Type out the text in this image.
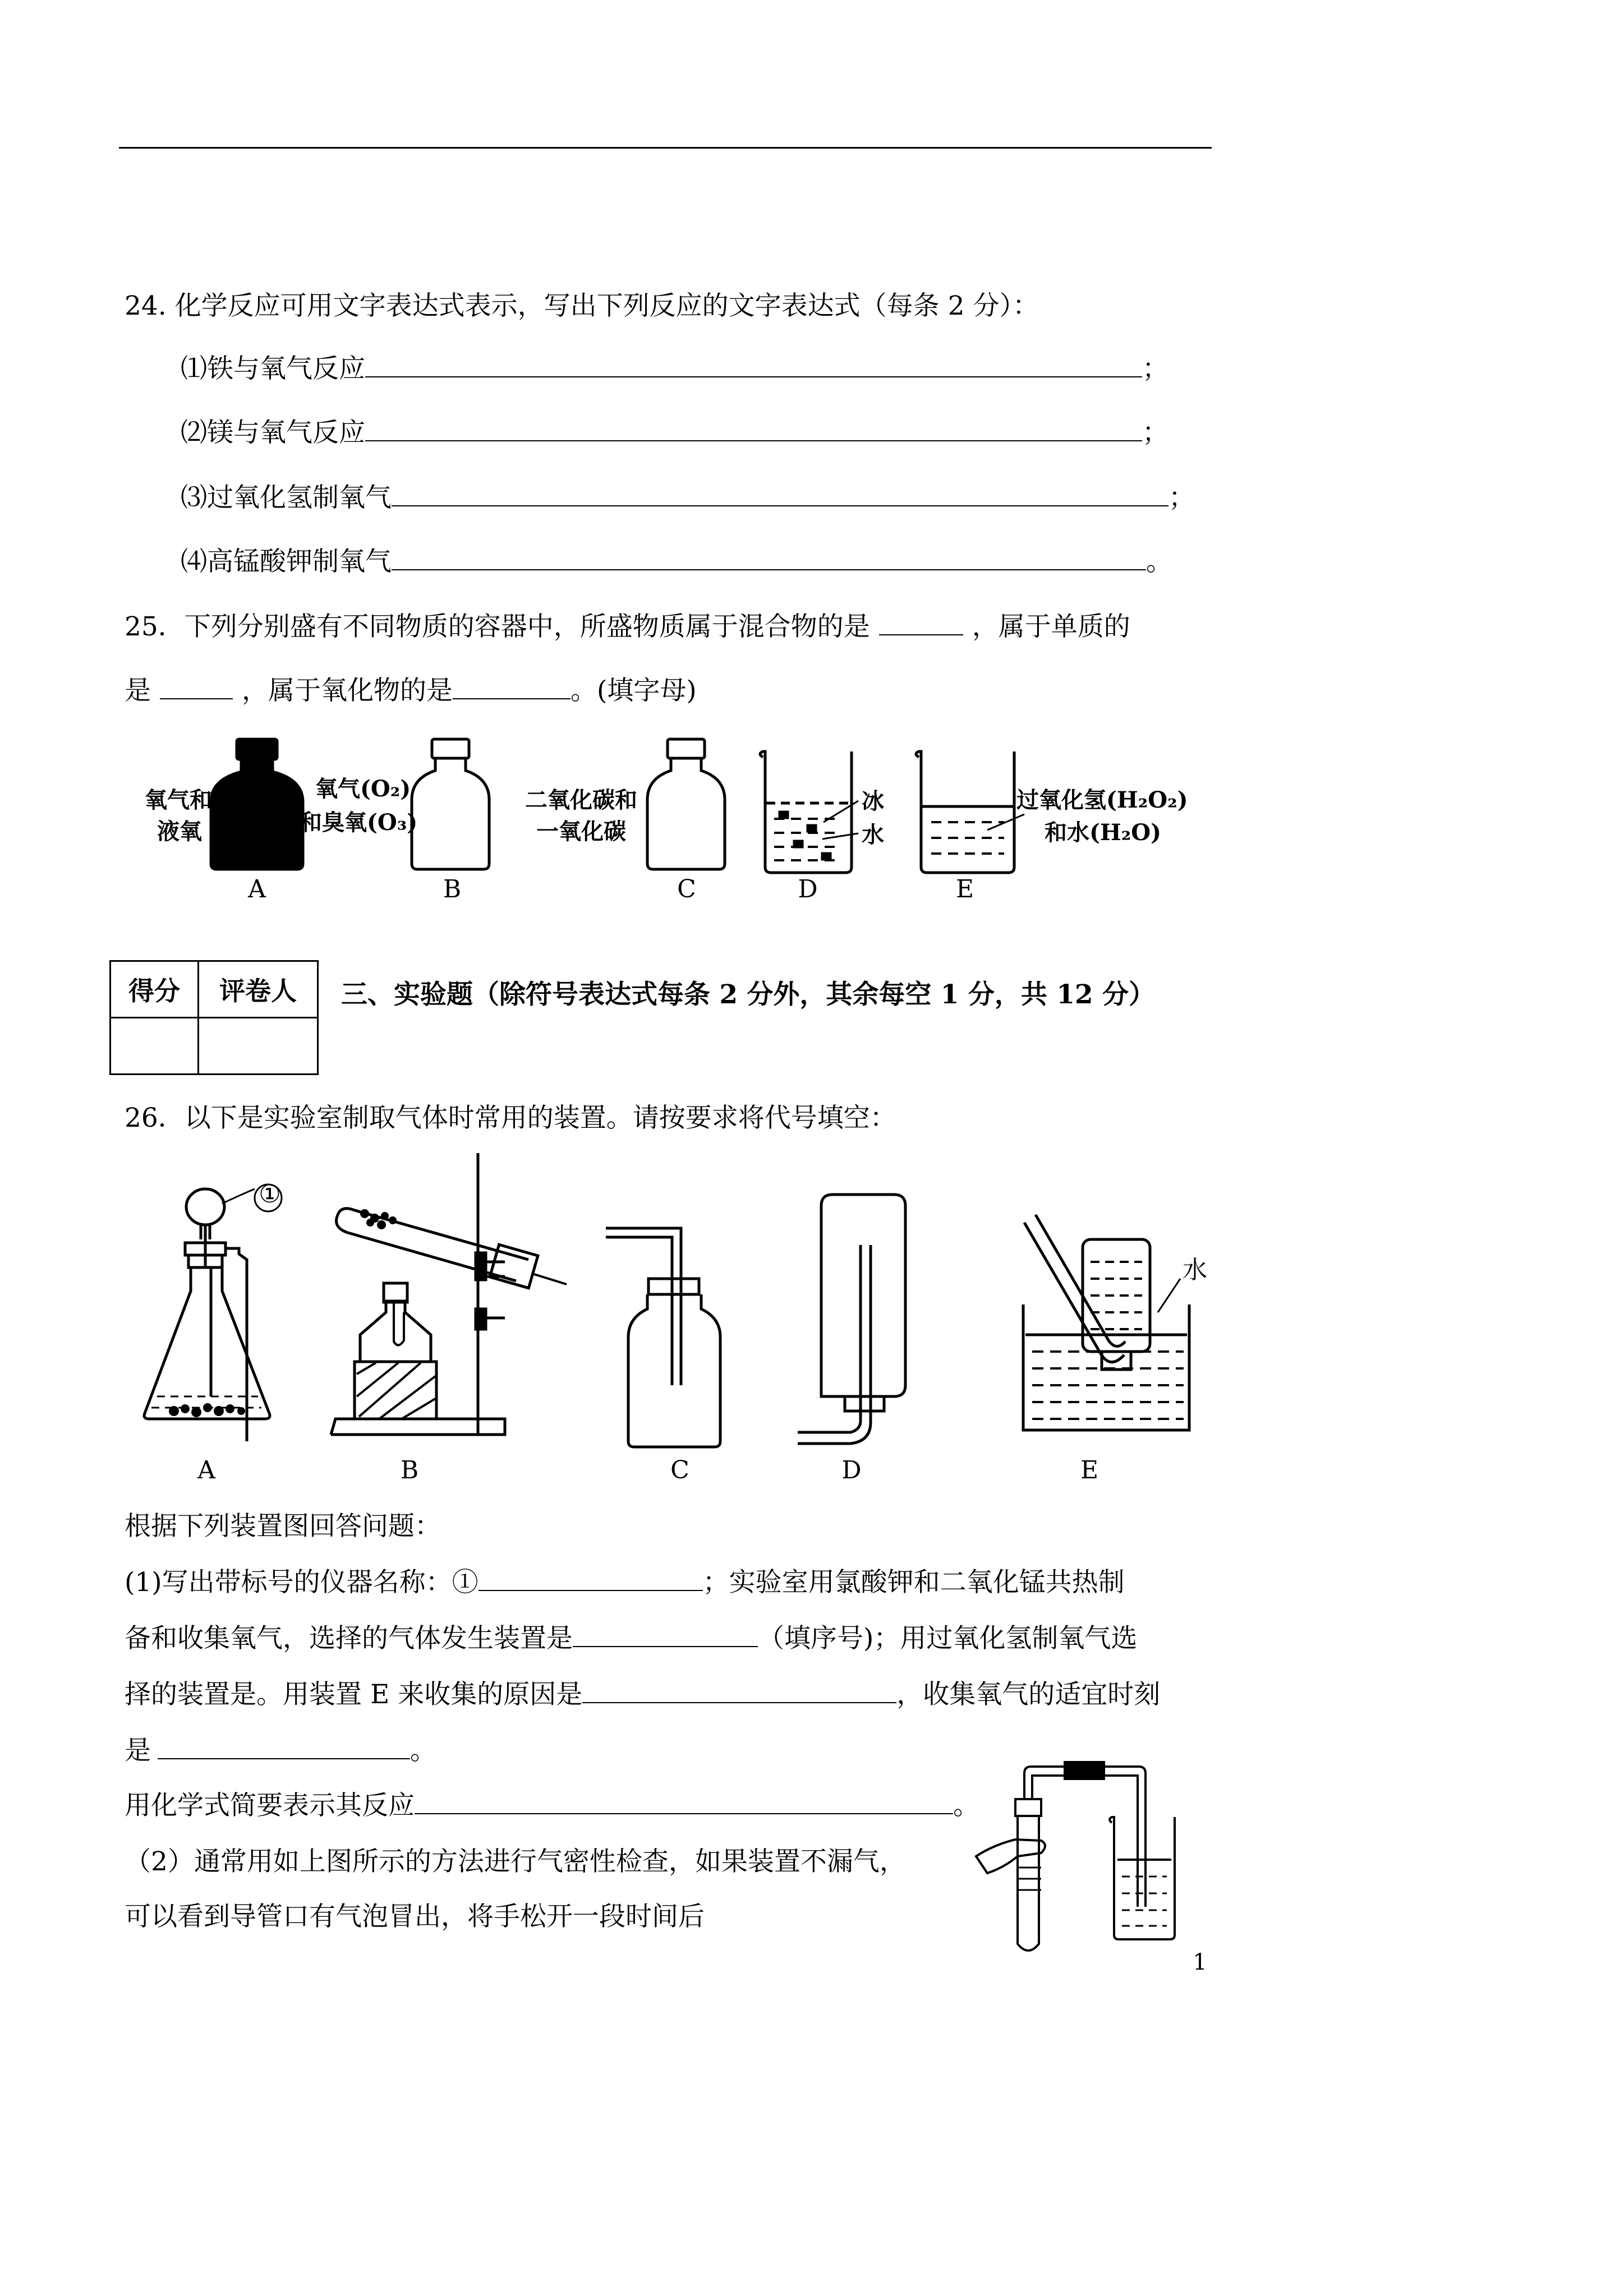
24. 化学反应可用文字表达式表示，写出下列反应的文字表达式（每条 2 分）：
⑴铁与氧气反应	；
⑵镁与氧气反应	；
⑶过氧化氢制氧气	；
⑷高锰酸钾制氧气	。
25．下列分别盛有不同物质的容器中，所盛物质属于混合物的是	，属于单质的
是	，属于氧化物的是	。(填字母)
氧气和
液氧
氧气(O₂)
和臭氧(O₃)
二氧化碳和
一氧化碳
冰
水
过氧化氢(H₂O₂)
和水(H₂O)
A	B	C	D	E
得分	评卷人
	三、实验题（除符号表达式每条 2 分外，其余每空 1 分，共 12 分）
26．以下是实验室制取气体时常用的装置。请按要求将代号填空：
①
水
A	B	C	D	E
根据下列装置图回答问题：
(1)写出带标号的仪器名称：①	；实验室用氯酸钾和二氧化锰共热制
备和收集氧气，选择的气体发生装置是	（填序号)；用过氧化氢制氧气选
择的装置是。用装置 E 来收集的原因是	，收集氧气的适宜时刻
是	。
用化学式简要表示其反应	。
（2）通常用如上图所示的方法进行气密性检查，如果装置不漏气，
可以看到导管口有气泡冒出，将手松开一段时间后
1
